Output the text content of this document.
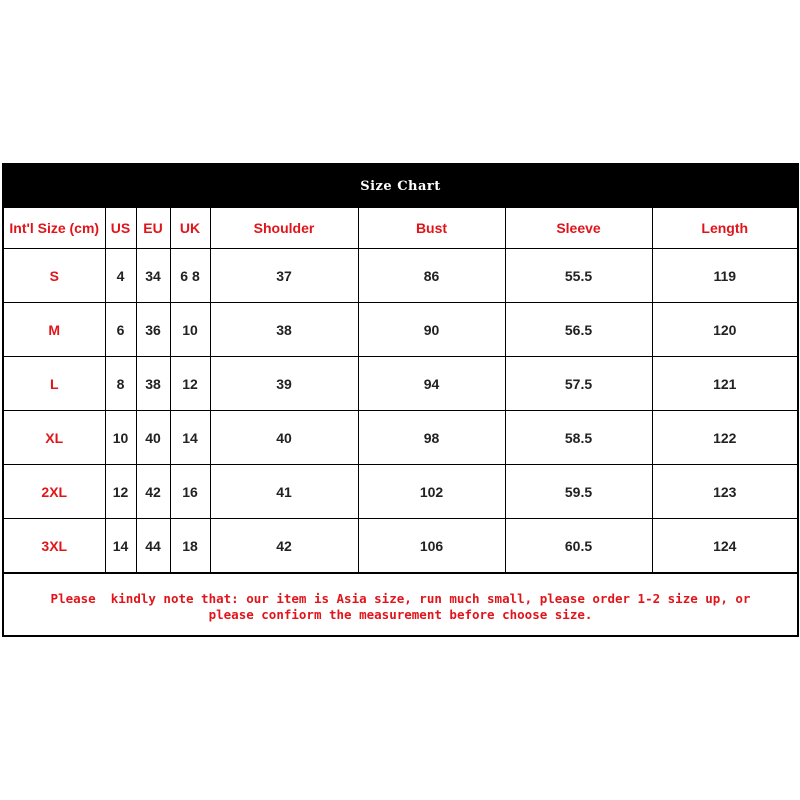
Size Chart
Int'l Size (cm)	US	EU	UK	Shoulder	Bust	Sleeve	Length
S	4	34	6 8	37	86	55.5	119
M	6	36	10	38	90	56.5	120
L	8	38	12	39	94	57.5	121
XL	10	40	14	40	98	58.5	122
2XL	12	42	16	41	102	59.5	123
3XL	14	44	18	42	106	60.5	124
Please  kindly note that: our item is Asia size, run much small, please order 1-2 size up, or
please confiorm the measurement before choose size.
